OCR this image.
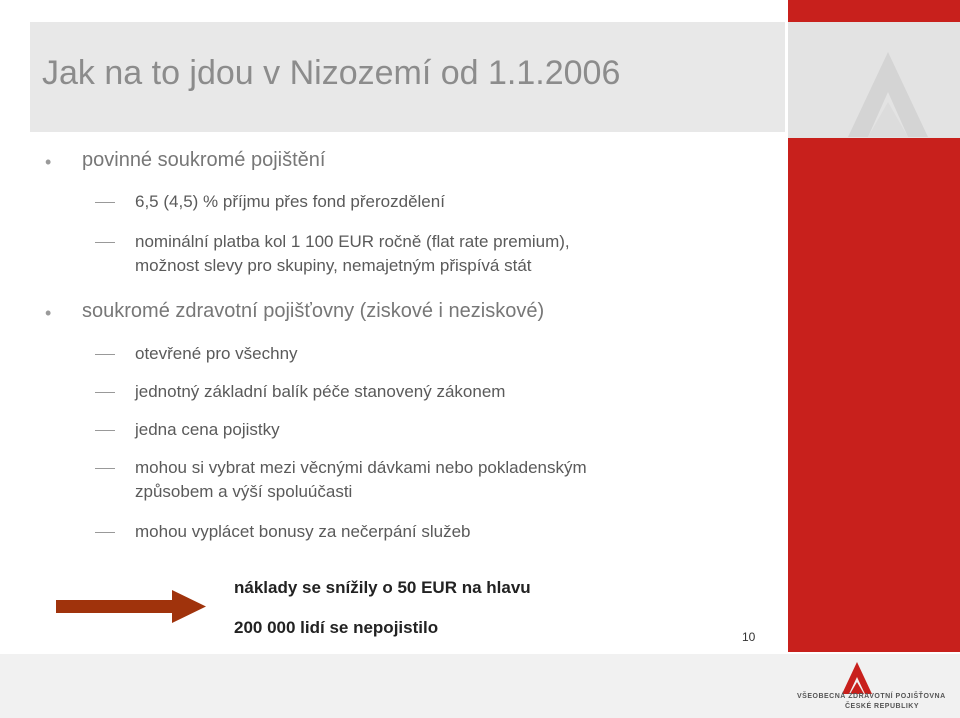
Jak na to jdou v Nizozemí od 1.1.2006
• povinné soukromé pojištění
6,5 (4,5) % příjmu přes fond přerozdělení
nominální platba kol 1 100 EUR ročně (flat rate premium),
možnost slevy pro skupiny, nemajetným přispívá stát
• soukromé zdravotní pojišťovny (ziskové i neziskové)
otevřené pro všechny
jednotný základní balík péče stanovený zákonem
jedna cena pojistky
mohou si vybrat mezi věcnými dávkami nebo pokladenským
způsobem a výší spoluúčasti
mohou vyplácet bonusy za nečerpání služeb
náklady se snížily o 50 EUR na hlavu
200 000 lidí se nepojistilo	10
VŠEOBECNÁ ZDRAVOTNÍ POJIŠŤOVNA
ČESKÉ REPUBLIKY
